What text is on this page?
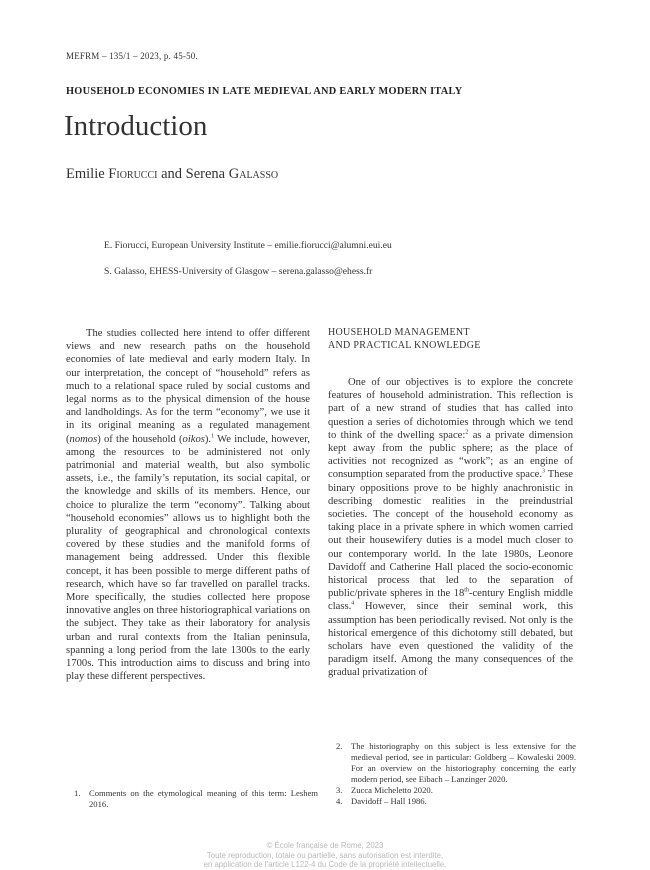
MEFRM – 135/1 – 2023, p. 45-50.
HOUSEHOLD ECONOMIES IN LATE MEDIEVAL AND EARLY MODERN ITALY
Introduction
Emilie Fiorucci and Serena Galasso
E. Fiorucci, European University Institute – emilie.fiorucci@alumni.eui.eu
S. Galasso, EHESS-University of Glasgow – serena.galasso@ehess.fr

The studies collected here intend to offer different views and new research paths on the household economies of late medieval and early modern Italy. In our interpretation, the concept of “household” refers as much to a relational space ruled by social customs and legal norms as to the physical dimension of the house and landholdings. As for the term “economy”, we use it in its original meaning as a regulated management (nomos) of the household (oikos).$^1$ We include, however, among the resources to be administered not only patrimonial and material wealth, but also symbolic assets, i.e., the family’s reputation, its social capital, or the knowledge and skills of its members. Hence, our choice to pluralize the term “economy”. Talking about “household economies” allows us to highlight both the plurality of geographical and chronological contexts covered by these studies and the manifold forms of management being addressed. Under this flexible concept, it has been possible to merge different paths of research, which have so far travelled on parallel tracks. More specifically, the studies collected here propose innovative angles on three historiographical variations on the subject. They take as their laboratory for analysis urban and rural contexts from the Italian peninsula, spanning a long period from the late 1300s to the early 1700s. This introduction aims to discuss and bring into play these different perspectives.

HOUSEHOLD MANAGEMENT
AND PRACTICAL KNOWLEDGE

One of our objectives is to explore the concrete features of household administration. This reflection is part of a new strand of studies that has called into question a series of dichotomies through which we tend to think of the dwelling space:$^2$ as a private dimension kept away from the public sphere; as the place of activities not recognized as “work”; as an engine of consumption separated from the productive space.$^3$ These binary oppositions prove to be highly anachronistic in describing domestic realities in the preindustrial societies. The concept of the household economy as taking place in a private sphere in which women carried out their housewifery duties is a model much closer to our contemporary world. In the late 1980s, Leonore Davidoff and Catherine Hall placed the socio-economic historical process that led to the separation of public/private spheres in the 18th-century English middle class.$^4$ However, since their seminal work, this assumption has been periodically revised. Not only is the historical emergence of this dichotomy still debated, but scholars have even questioned the validity of the paradigm itself. Among the many consequences of the gradual privatization of

1. Comments on the etymological meaning of this term: Leshem 2016.
2. The historiography on this subject is less extensive for the medieval period, see in particular: Goldberg – Kowaleski 2009. For an overview on the historiography concerning the early modern period, see Eibach – Lanzinger 2020.
3. Zucca Micheletto 2020.
4. Davidoff – Hall 1986.
© École française de Rome, 2023
Toute reproduction, totale ou partielle, sans autorisation est interdite,
en application de l’article L122-4 du Code de la propriété intellectuelle.
